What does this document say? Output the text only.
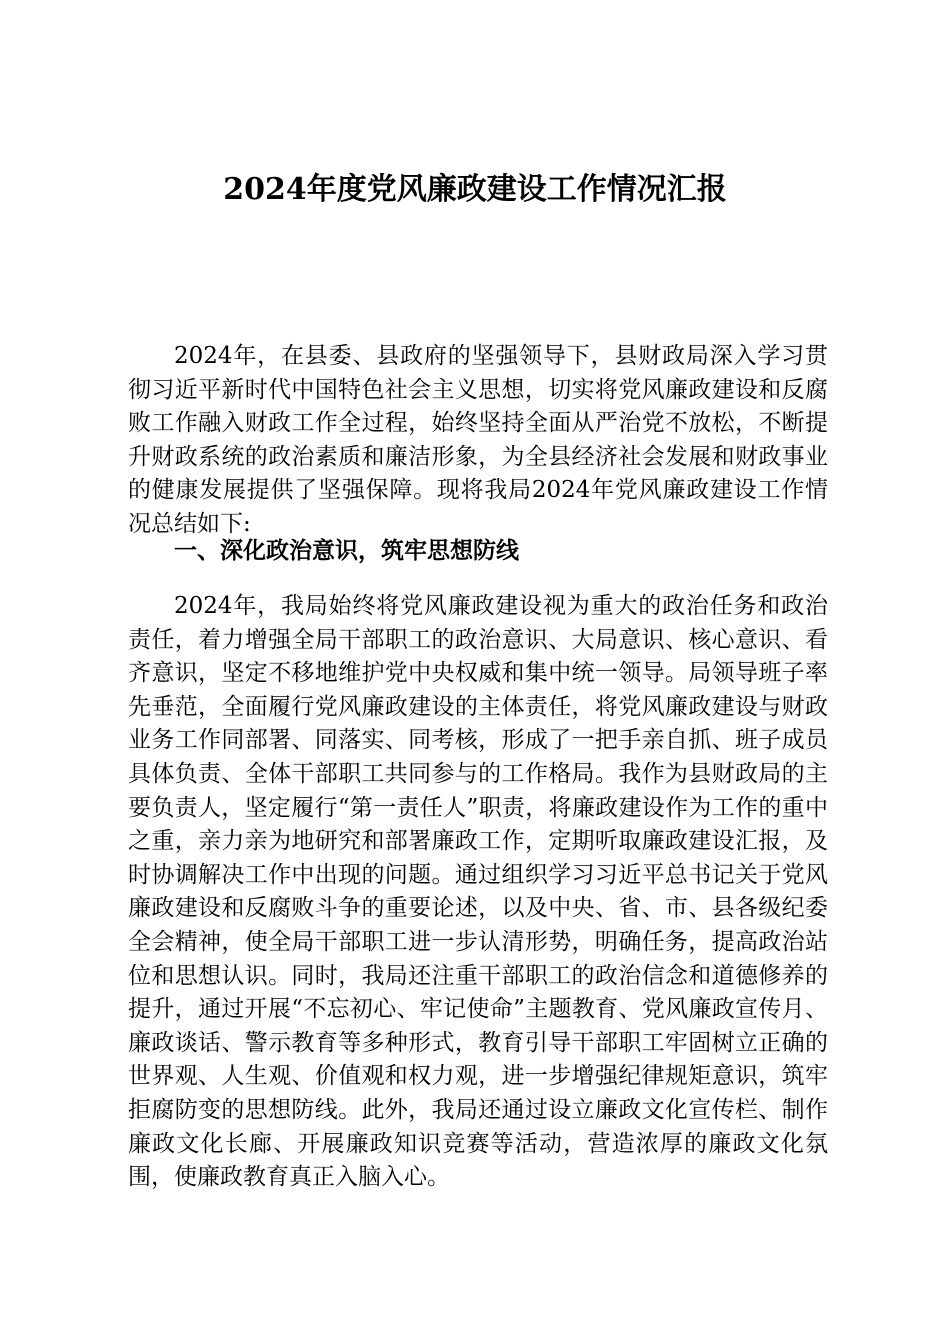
2024年度党风廉政建设工作情况汇报

2024年，在县委、县政府的坚强领导下，县财政局深入学习贯彻习近平新时代中国特色社会主义思想，切实将党风廉政建设和反腐败工作融入财政工作全过程，始终坚持全面从严治党不放松，不断提升财政系统的政治素质和廉洁形象，为全县经济社会发展和财政事业的健康发展提供了坚强保障。现将我局2024年党风廉政建设工作情况总结如下:

一、深化政治意识，筑牢思想防线

2024年，我局始终将党风廉政建设视为重大的政治任务和政治责任，着力增强全局干部职工的政治意识、大局意识、核心意识、看齐意识，坚定不移地维护党中央权威和集中统一领导。局领导班子率先垂范，全面履行党风廉政建设的主体责任，将党风廉政建设与财政业务工作同部署、同落实、同考核，形成了一把手亲自抓、班子成员具体负责、全体干部职工共同参与的工作格局。我作为县财政局的主要负责人，坚定履行“第一责任人”职责，将廉政建设作为工作的重中之重，亲力亲为地研究和部署廉政工作，定期听取廉政建设汇报，及时协调解决工作中出现的问题。通过组织学习习近平总书记关于党风廉政建设和反腐败斗争的重要论述，以及中央、省、市、县各级纪委全会精神，使全局干部职工进一步认清形势，明确任务，提高政治站位和思想认识。同时，我局还注重干部职工的政治信念和道德修养的提升，通过开展“不忘初心、牢记使命”主题教育、党风廉政宣传月、廉政谈话、警示教育等多种形式，教育引导干部职工牢固树立正确的世界观、人生观、价值观和权力观，进一步增强纪律规矩意识，筑牢拒腐防变的思想防线。此外，我局还通过设立廉政文化宣传栏、制作廉政文化长廊、开展廉政知识竞赛等活动，营造浓厚的廉政文化氛围，使廉政教育真正入脑入心。
